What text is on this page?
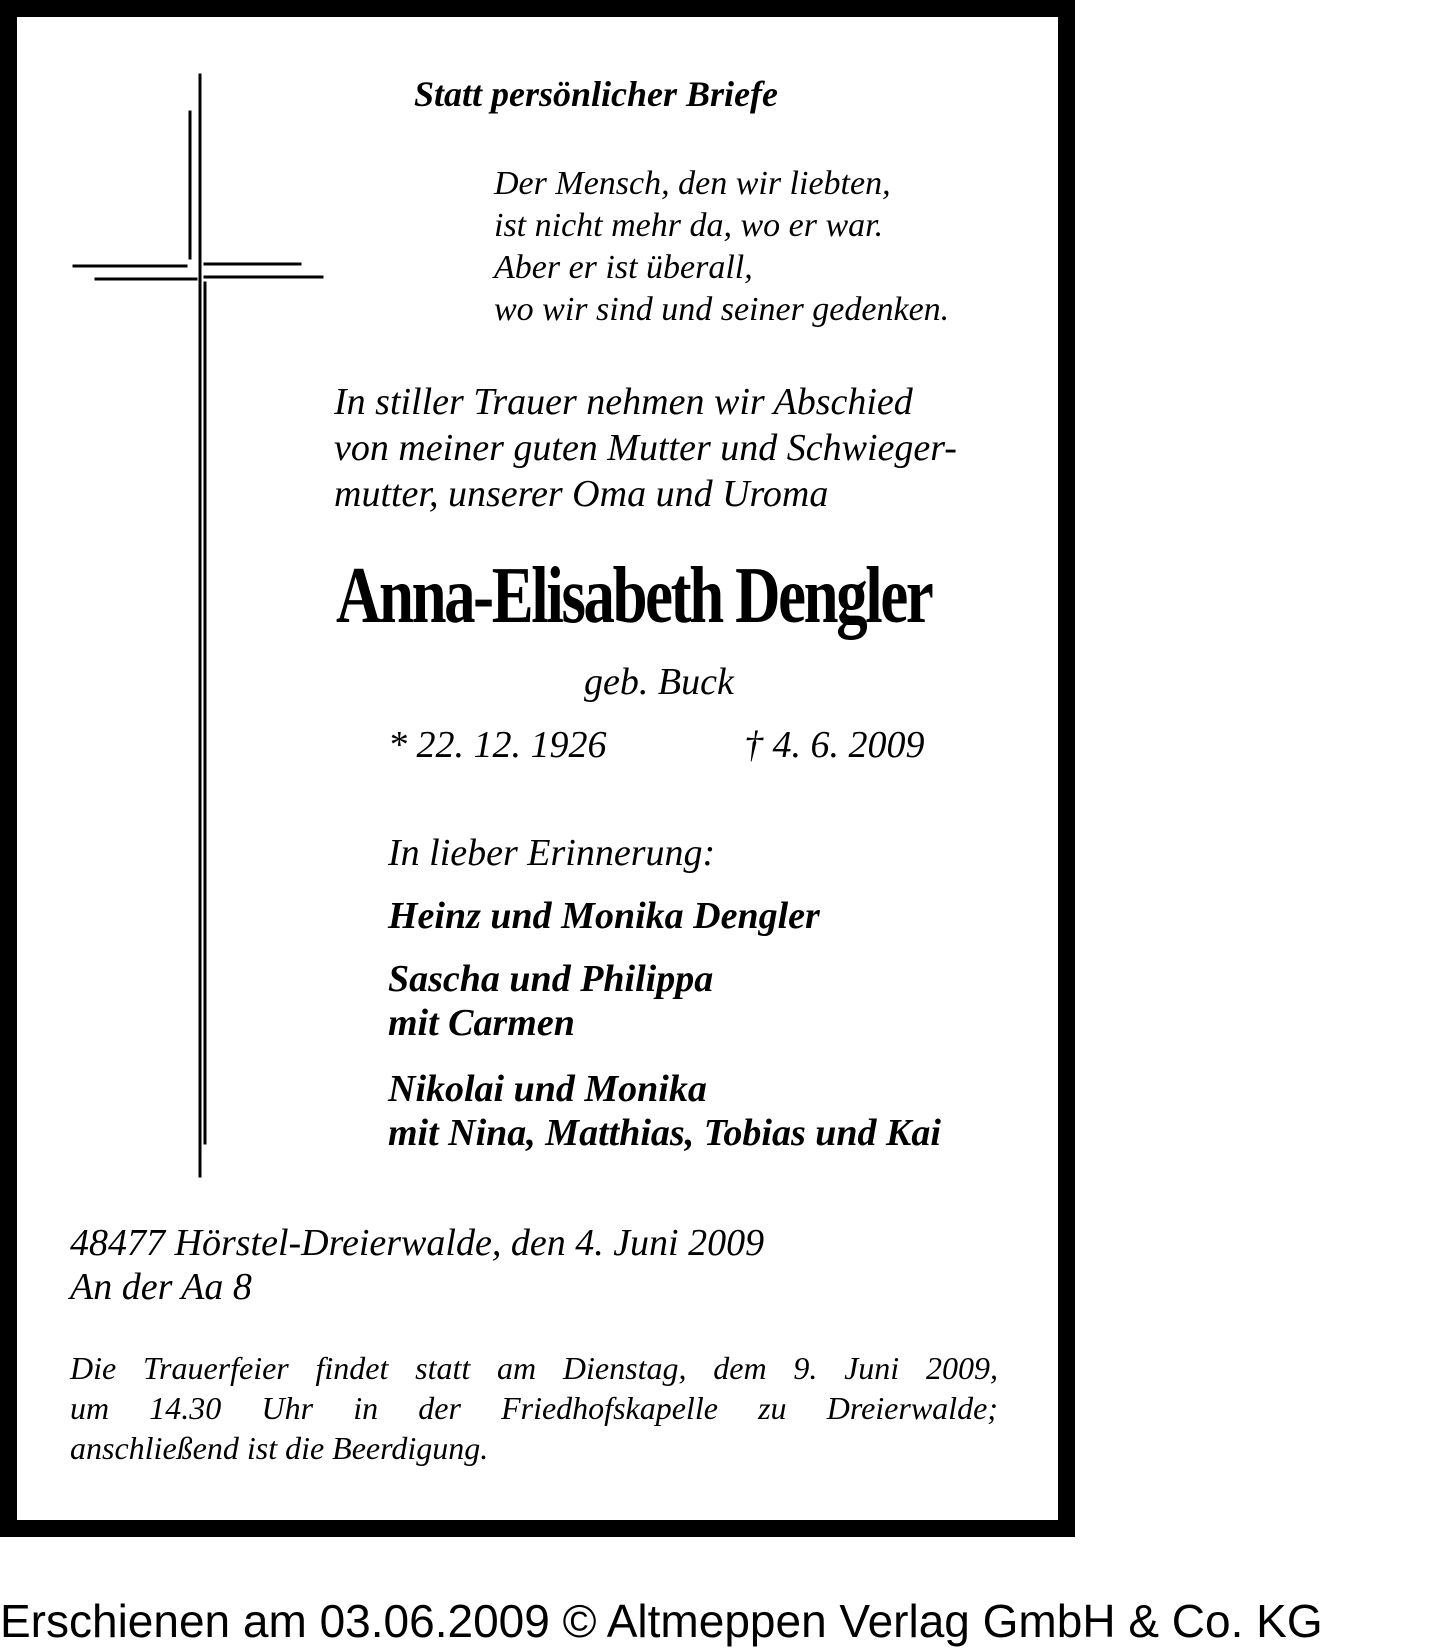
Statt persönlicher Briefe

Der Mensch, den wir liebten,
ist nicht mehr da, wo er war.
Aber er ist überall,
wo wir sind und seiner gedenken.
In stiller Trauer nehmen wir Abschied
von meiner guten Mutter und Schwieger-
mutter, unserer Oma und Uroma

Anna-Elisabeth Dengler

geb. Buck

* 22. 12. 1926	† 4. 6. 2009

In lieber Erinnerung:

Heinz und Monika Dengler
Sascha und Philippa
mit Carmen
Nikolai und Monika
mit Nina, Matthias, Tobias und Kai
48477 Hörstel-Dreierwalde, den 4. Juni 2009
An der Aa 8
Die Trauerfeier findet statt am Dienstag, dem 9. Juni 2009,
um 14.30 Uhr in der Friedhofskapelle zu Dreierwalde;
anschließend ist die Beerdigung.

Erschienen am 03.06.2009 © Altmeppen Verlag GmbH & Co. KG
